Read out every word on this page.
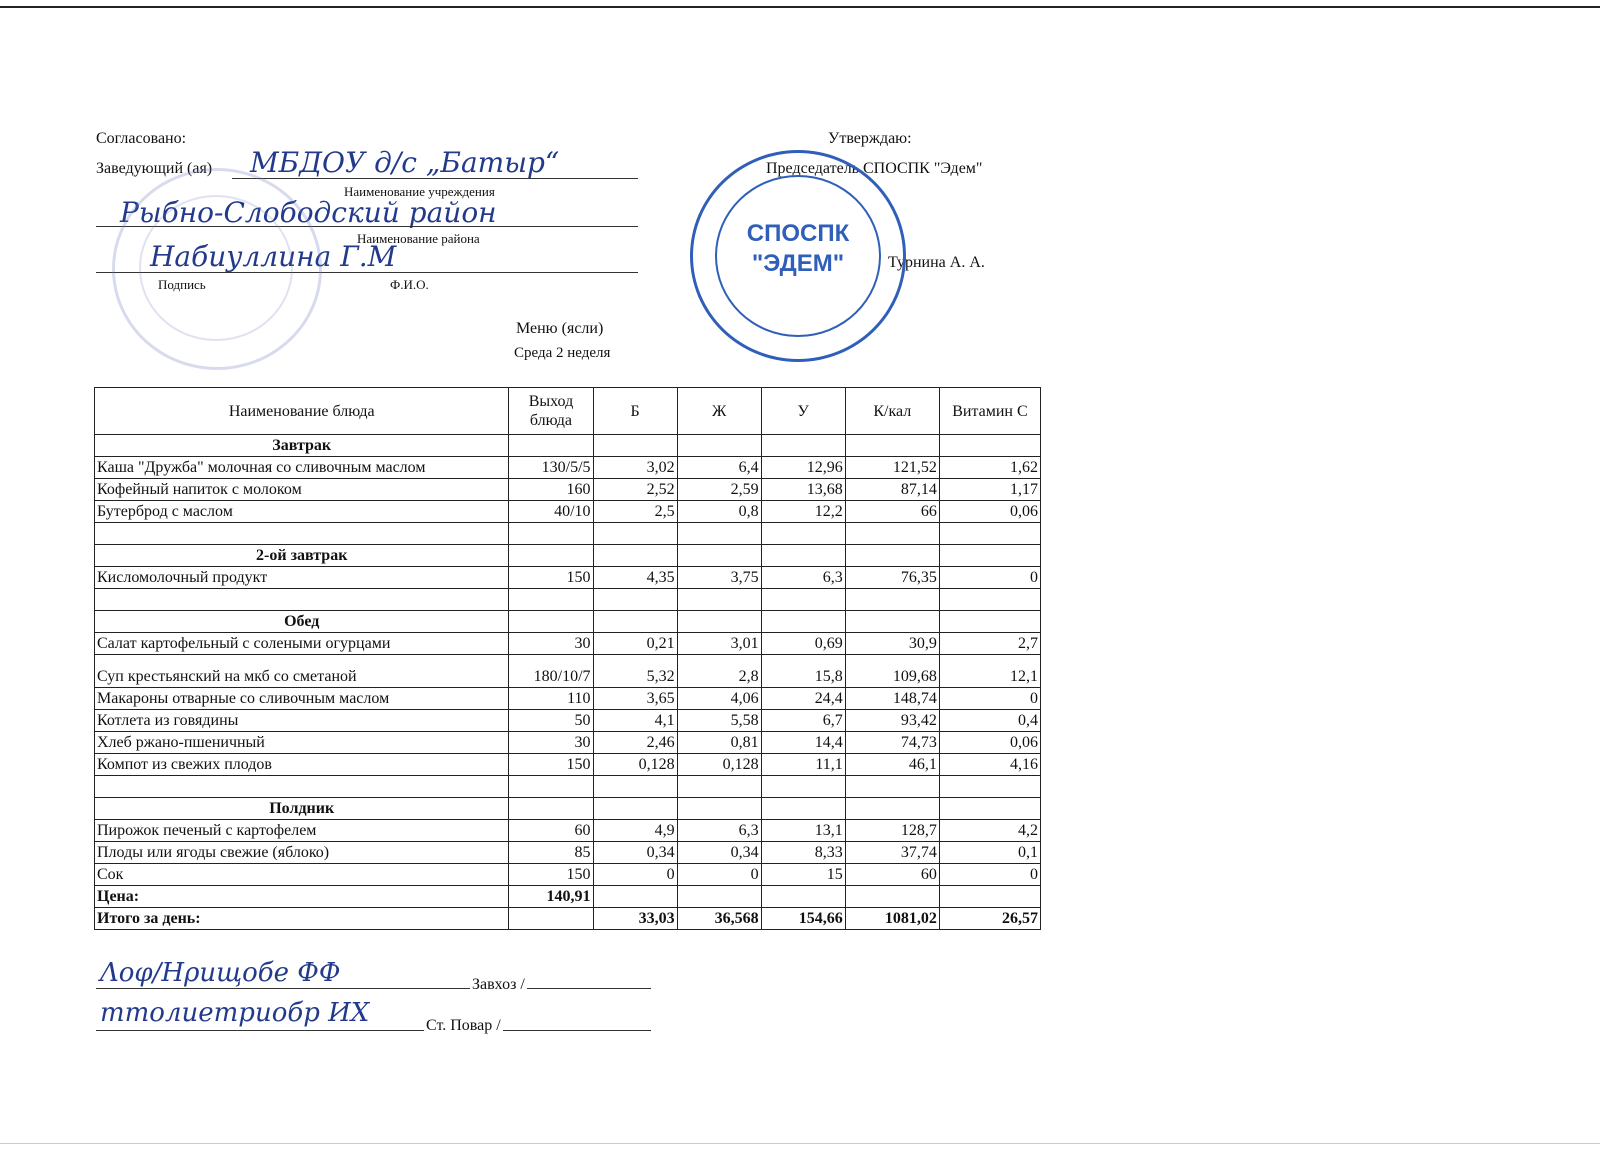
Согласовано:
Заведующий (ая) МБДОУ д/с „Батыр“
Наименование учреждения
Рыбно-Слободский район
Наименование района
Набиуллина Г.М
Подпись	Ф.И.О.
Утверждаю:
Председатель СПОСПК "Эдем"
Турнина А. А.
СПОСПК
"ЭДЕМ"
Меню (ясли)
Среда 2 неделя
Наименование блюда	Выход блюда	Б	Ж	У	К/кал	Витамин С
Завтрак						
Каша "Дружба" молочная со сливочным маслом	130/5/5	3,02	6,4	12,96	121,52	1,62
Кофейный напиток с молоком	160	2,52	2,59	13,68	87,14	1,17
Бутерброд с маслом	40/10	2,5	0,8	12,2	66	0,06

2-ой завтрак						
Кисломолочный продукт	150	4,35	3,75	6,3	76,35	0

Обед						
Салат картофельный с солеными огурцами	30	0,21	3,01	0,69	30,9	2,7
Суп крестьянский на мкб со сметаной	180/10/7	5,32	2,8	15,8	109,68	12,1
Макароны отварные со сливочным маслом	110	3,65	4,06	24,4	148,74	0
Котлета из говядины	50	4,1	5,58	6,7	93,42	0,4
Хлеб ржано-пшеничный	30	2,46	0,81	14,4	74,73	0,06
Компот из свежих плодов	150	0,128	0,128	11,1	46,1	4,16

Полдник						
Пирожок печеный с картофелем	60	4,9	6,3	13,1	128,7	4,2
Плоды или ягоды свежие (яблоко)	85	0,34	0,34	8,33	37,74	0,1
Сок	150	0	0	15	60	0
Цена:	140,91					
Итого за день:		33,03	36,568	154,66	1081,02	26,57
Λoφ/Hρuщобe ФФ	Завхоз /
ттолиетриобр ИХ	Ст. Повар /
